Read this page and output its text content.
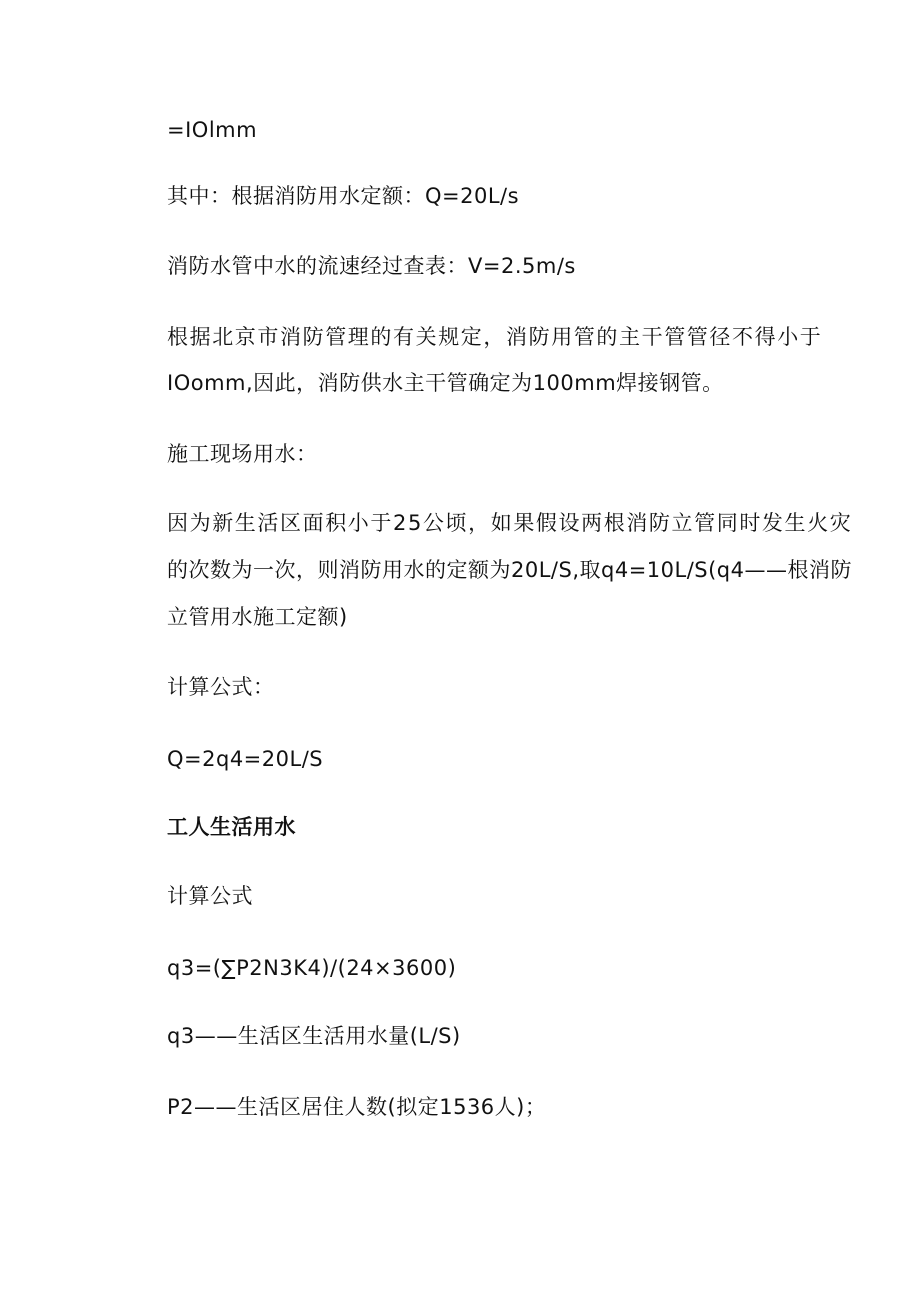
=IOlmm
其中：根据消防用水定额：Q=20L∕s
消防水管中水的流速经过查表：V=2.5m∕s
根据北京市消防管理的有关规定，消防用管的主干管管径不得小于
IOomm,因此，消防供水主干管确定为100mm焊接钢管。
施工现场用水：
因为新生活区面积小于25公顷，如果假设两根消防立管同时发生火灾
的次数为一次，则消防用水的定额为20L/S,取q4=10L∕S(q4——根消防
立管用水施工定额)
计算公式：
Q=2q4=20L∕S
工人生活用水
计算公式
q3=(∑P2N3K4)/(24×3600)
q3——生活区生活用水量(L/S)
P2——生活区居住人数(拟定1536人)；
